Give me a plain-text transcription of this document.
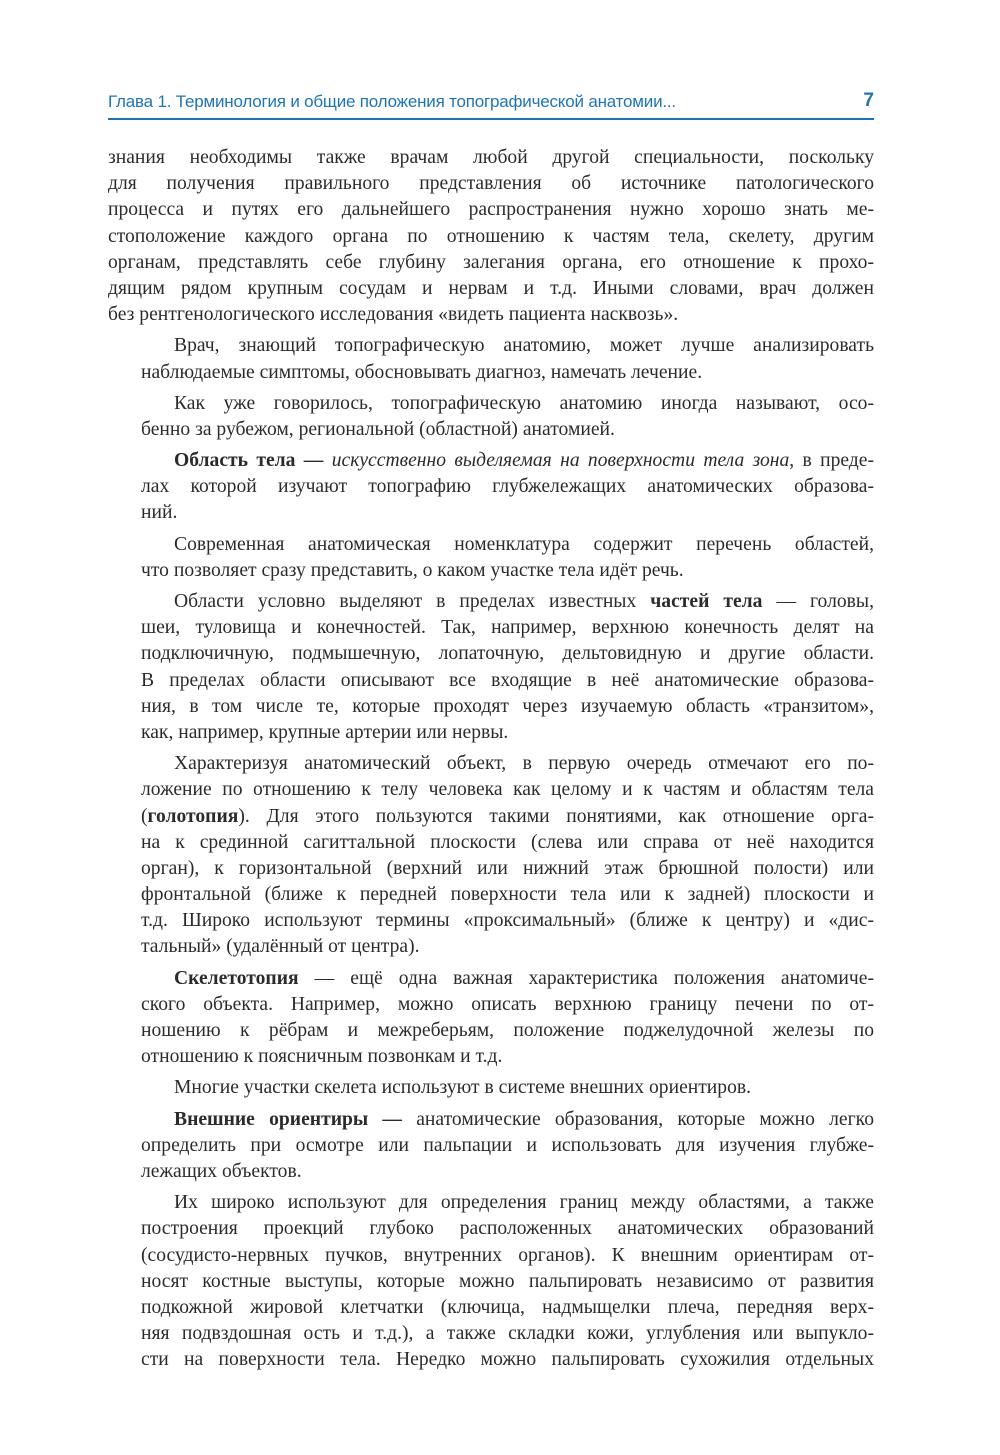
Глава 1. Терминология и общие положения топографической анатомии...	7
знания необходимы также врачам любой другой специальности, поскольку
для получения правильного представления об источнике патологического
процесса и путях его дальнейшего распространения нужно хорошо знать ме-
стоположение каждого органа по отношению к частям тела, скелету, другим
органам, представлять себе глубину залегания органа, его отношение к прохо-
дящим рядом крупным сосудам и нервам и т.д. Иными словами, врач должен
без рентгенологического исследования «видеть пациента насквозь».
Врач, знающий топографическую анатомию, может лучше анализировать
наблюдаемые симптомы, обосновывать диагноз, намечать лечение.
Как уже говорилось, топографическую анатомию иногда называют, осо-
бенно за рубежом, региональной (областной) анатомией.
Область тела — искусственно выделяемая на поверхности тела зона, в преде-
лах которой изучают топографию глубжележащих анатомических образова-
ний.
Современная анатомическая номенклатура содержит перечень областей,
что позволяет сразу представить, о каком участке тела идёт речь.
Области условно выделяют в пределах известных частей тела — головы,
шеи, туловища и конечностей. Так, например, верхнюю конечность делят на
подключичную, подмышечную, лопаточную, дельтовидную и другие области.
В пределах области описывают все входящие в неё анатомические образова-
ния, в том числе те, которые проходят через изучаемую область «транзитом»,
как, например, крупные артерии или нервы.
Характеризуя анатомический объект, в первую очередь отмечают его по-
ложение по отношению к телу человека как целому и к частям и областям тела
(голотопия). Для этого пользуются такими понятиями, как отношение орга-
на к срединной сагиттальной плоскости (слева или справа от неё находится
орган), к горизонтальной (верхний или нижний этаж брюшной полости) или
фронтальной (ближе к передней поверхности тела или к задней) плоскости и
т.д. Широко используют термины «проксимальный» (ближе к центру) и «дис-
тальный» (удалённый от центра).
Скелетотопия — ещё одна важная характеристика положения анатомиче-
ского объекта. Например, можно описать верхнюю границу печени по от-
ношению к рёбрам и межреберьям, положение поджелудочной железы по
отношению к поясничным позвонкам и т.д.
Многие участки скелета используют в системе внешних ориентиров.
Внешние ориентиры — анатомические образования, которые можно легко
определить при осмотре или пальпации и использовать для изучения глубже-
лежащих объектов.
Их широко используют для определения границ между областями, а также
построения проекций глубоко расположенных анатомических образований
(сосудисто-нервных пучков, внутренних органов). К внешним ориентирам от-
носят костные выступы, которые можно пальпировать независимо от развития
подкожной жировой клетчатки (ключица, надмыщелки плеча, передняя верх-
няя подвздошная ость и т.д.), а также складки кожи, углубления или выпукло-
сти на поверхности тела. Нередко можно пальпировать сухожилия отдельных
